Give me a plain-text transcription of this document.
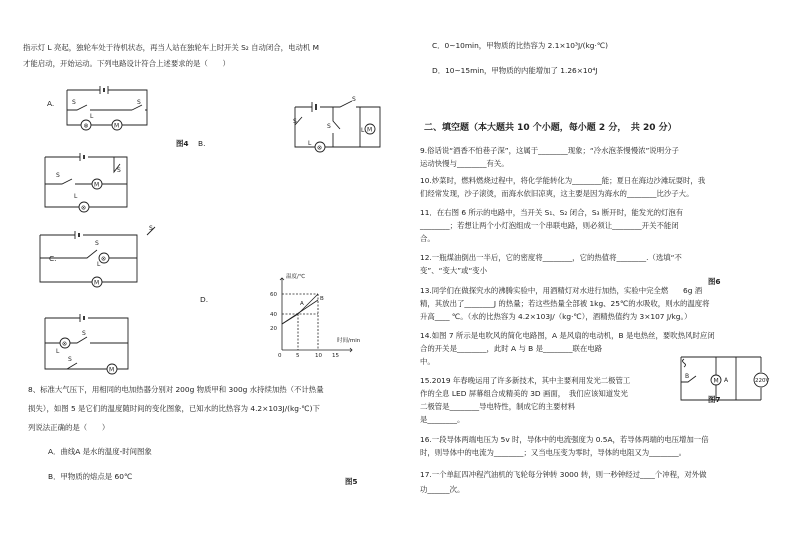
指示灯 L 亮起，独轮车处于待机状态，再当人站在独轮车上时开关 S₂ 自动闭合，电动机 M
才能启动，开始运动。下列电路设计符合上述要求的是（　　）
A.	S	S
L
⊗	M
B.
图4
S
S
S
L
L
⊗
M
S
S
L
M
⊗
C.
S
S
L
⊗
M
D.
温度/℃
时间/min
60
40
20
0	5	10 15
A
B
S
S
L
⊗
M
8、标准大气压下，用相同的电加热器分别对 200g 物质甲和 300g 水持续加热（不计热量
损失），如图 5 是它们的温度随时间的变化图象，已知水的比热容为 4.2×103J/(kg·℃)下
列说法正确的是（　　）
A．曲线A 是水的温度-时间图象
B．甲物质的熔点是 60℃
图5
C．0~10min，甲物质的比热容为 2.1×10³J/(kg·℃)
D．10~15min，甲物质的内能增加了 1.26×10⁴J
二、填空题（本大题共 10 个小题，每小题 2 分，　共 20 分）
9.俗话说“酒香不怕巷子深”，这属于________现象；“冷水泡茶慢慢浓”说明分子
运动快慢与________有关。
10.炒菜时，燃料燃烧过程中，将化学能转化为________能；夏日在海边沙滩玩耍时，我
们经常发现，沙子滚烫，而海水依旧凉爽，这主要是因为海水的________比沙子大。
11．在右图 6 所示的电路中，当开关 S₁、S₂ 闭合，S₃ 断开时，能发光的灯泡有
________；若想让两个小灯泡组成一个串联电路，则必须让________开关不能闭
合。
12.一瓶煤油倒出一半后，它的密度将________，它的热值将________.（选填“不
变”、“变大”或“变小
图6
13.同学们在做探究水的沸腾实验中，用酒精灯对水进行加热，实验中完全燃　　6g 酒
精，其放出了________J 的热量；若这些热量全部被 1kg、25℃的水吸收，则水的温度将
升高____ ℃。（水的比热容为 4.2×103J/（kg·℃），酒精热值约为 3×107 J/kg。）
14.如图 7 所示是电吹风的简化电路图，A 是风扇的电动机，B 是电热丝，要吹热风时应闭
合的开关是________，此时 A 与 B 是________联在电路
中。
15.2019 年春晚运用了许多新技术，其中主要利用发光二极管工
作的全息 LED 屏幕组合成精美的 3D 画面，　我们应该知道发光
二极管是________导电特性，制成它的主要材料
是________。
M A
B
220V
图7
16.一段导体两端电压为 5v 时，导体中的电流强度为 0.5A，若导体两端的电压增加一倍
时，则导体中的电流为________；又当电压变为零时，导体的电阻又为________。
17.一个单缸四冲程汽油机的飞轮每分钟转 3000 转，则一秒钟经过____个冲程，对外做
功______次。
